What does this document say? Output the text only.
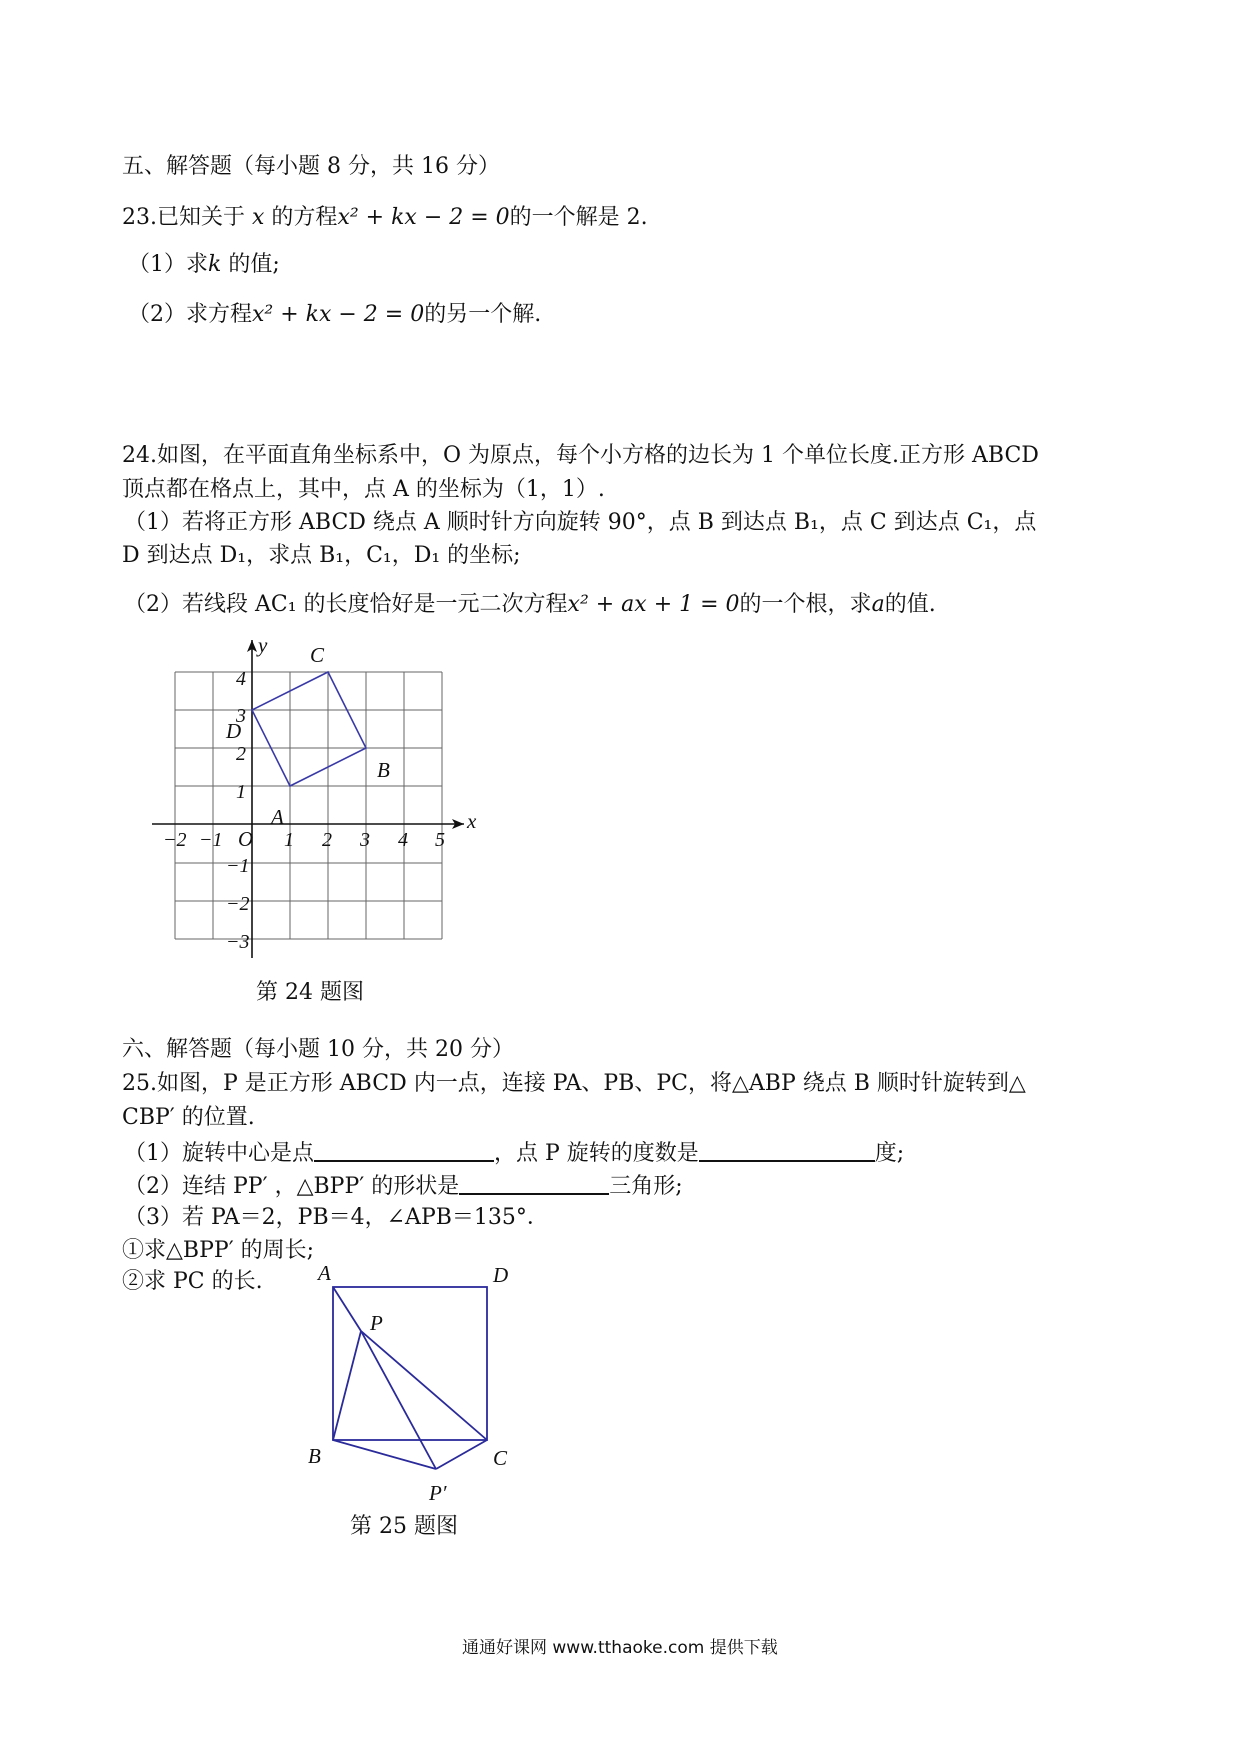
五、解答题（每小题 8 分，共 16 分）
23.已知关于 x 的方程x² + kx − 2 = 0的一个解是 2.
（1）求k 的值;
（2）求方程x² + kx − 2 = 0的另一个解.
24.如图，在平面直角坐标系中，O 为原点，每个小方格的边长为 1 个单位长度.正方形 ABCD
顶点都在格点上，其中，点 A 的坐标为（1，1）.
（1）若将正方形 ABCD 绕点 A 顺时针方向旋转 90°，点 B 到达点 B₁，点 C 到达点 C₁，点
D 到达点 D₁，求点 B₁，C₁，D₁ 的坐标;
（2）若线段 AC₁ 的长度恰好是一元二次方程x² + ax + 1 = 0的一个根，求a的值.
x
y
O
A
B
C
D
−2 −1	1 2 3 4 5
4
3
2
1
−1
−2
−3
第 24 题图
六、解答题（每小题 10 分，共 20 分）
25.如图，P 是正方形 ABCD 内一点，连接 PA、PB、PC，将△ABP 绕点 B 顺时针旋转到△
CBP′ 的位置.
（1）旋转中心是点	，点 P 旋转的度数是	度;
（2）连结 PP′ ，△BPP′ 的形状是	三角形;
（3）若 PA＝2，PB＝4，∠APB＝135°．
①求△BPP′ 的周长;
②求 PC 的长.	A	D
P
B	C
P′
第 25 题图
通通好课网 www.tthaoke.com 提供下载
